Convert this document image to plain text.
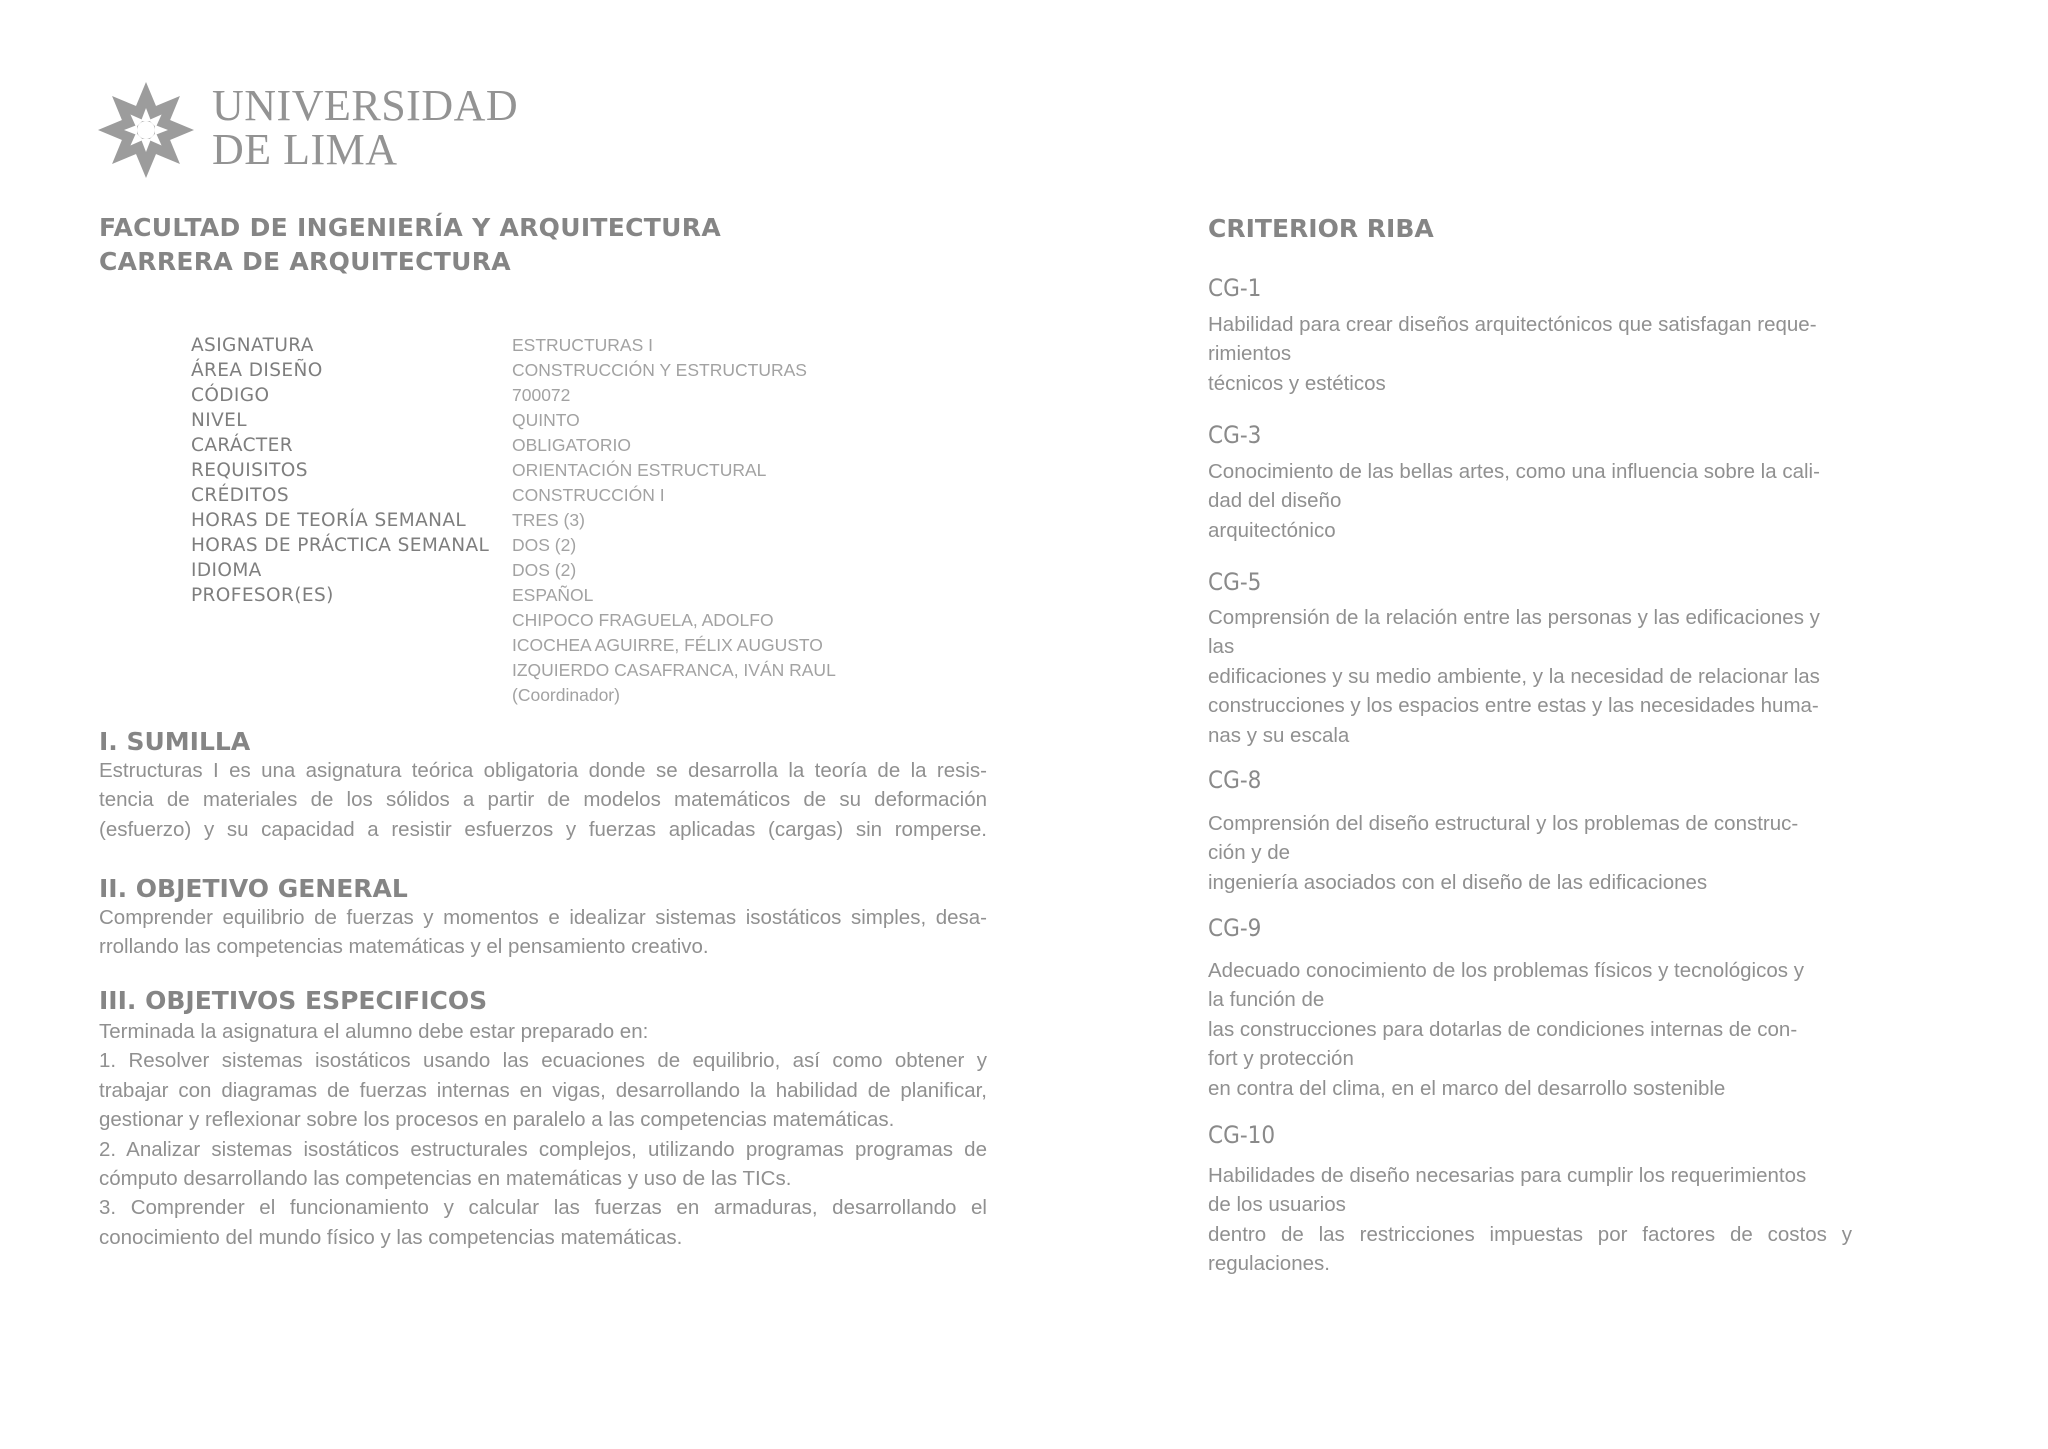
UNIVERSIDAD
DE LIMA
FACULTAD DE INGENIERÍA Y ARQUITECTURA
CARRERA DE ARQUITECTURA
ASIGNATURA
ÁREA DISEÑO
CÓDIGO
NIVEL
CARÁCTER
REQUISITOS
CRÉDITOS
HORAS DE TEORÍA SEMANAL
HORAS DE PRÁCTICA SEMANAL
IDIOMA
PROFESOR(ES)
ESTRUCTURAS I
CONSTRUCCIÓN Y ESTRUCTURAS
700072
QUINTO
OBLIGATORIO
ORIENTACIÓN ESTRUCTURAL
CONSTRUCCIÓN I
TRES (3)
DOS (2)
DOS (2)
ESPAÑOL
CHIPOCO FRAGUELA, ADOLFO
ICOCHEA AGUIRRE, FÉLIX AUGUSTO
IZQUIERDO CASAFRANCA, IVÁN RAUL
(Coordinador)
I. SUMILLA
Estructuras I es una asignatura teórica obligatoria donde se desarrolla la teoría de la resis-
tencia de materiales de los sólidos a partir de modelos matemáticos de su deformación
(esfuerzo) y su capacidad a resistir esfuerzos y fuerzas aplicadas (cargas) sin romperse.
II. OBJETIVO GENERAL
Comprender equilibrio de fuerzas y momentos e idealizar sistemas isostáticos simples, desa-
rrollando las competencias matemáticas y el pensamiento creativo.
III. OBJETIVOS ESPECIFICOS
Terminada la asignatura el alumno debe estar preparado en:
1. Resolver sistemas isostáticos usando las ecuaciones de equilibrio, así como obtener y
trabajar con diagramas de fuerzas internas en vigas, desarrollando la habilidad de planificar,
gestionar y reflexionar sobre los procesos en paralelo a las competencias matemáticas.
2. Analizar sistemas isostáticos estructurales complejos, utilizando programas programas de
cómputo desarrollando las competencias en matemáticas y uso de las TICs.
3. Comprender el funcionamiento y calcular las fuerzas en armaduras, desarrollando el
conocimiento del mundo físico y las competencias matemáticas.
CRITERIOR RIBA
CG-1
Habilidad para crear diseños arquitectónicos que satisfagan reque-
rimientos
técnicos y estéticos
CG-3
Conocimiento de las bellas artes, como una influencia sobre la cali-
dad del diseño
arquitectónico
CG-5
Comprensión de la relación entre las personas y las edificaciones y
las
edificaciones y su medio ambiente, y la necesidad de relacionar las
construcciones y los espacios entre estas y las necesidades huma-
nas y su escala
CG-8
Comprensión del diseño estructural y los problemas de construc-
ción y de
ingeniería asociados con el diseño de las edificaciones
CG-9
Adecuado conocimiento de los problemas físicos y tecnológicos y
la función de
las construcciones para dotarlas de condiciones internas de con-
fort y protección
en contra del clima, en el marco del desarrollo sostenible
CG-10
Habilidades de diseño necesarias para cumplir los requerimientos
de los usuarios
dentro de las restricciones impuestas por factores de costos y
regulaciones.
